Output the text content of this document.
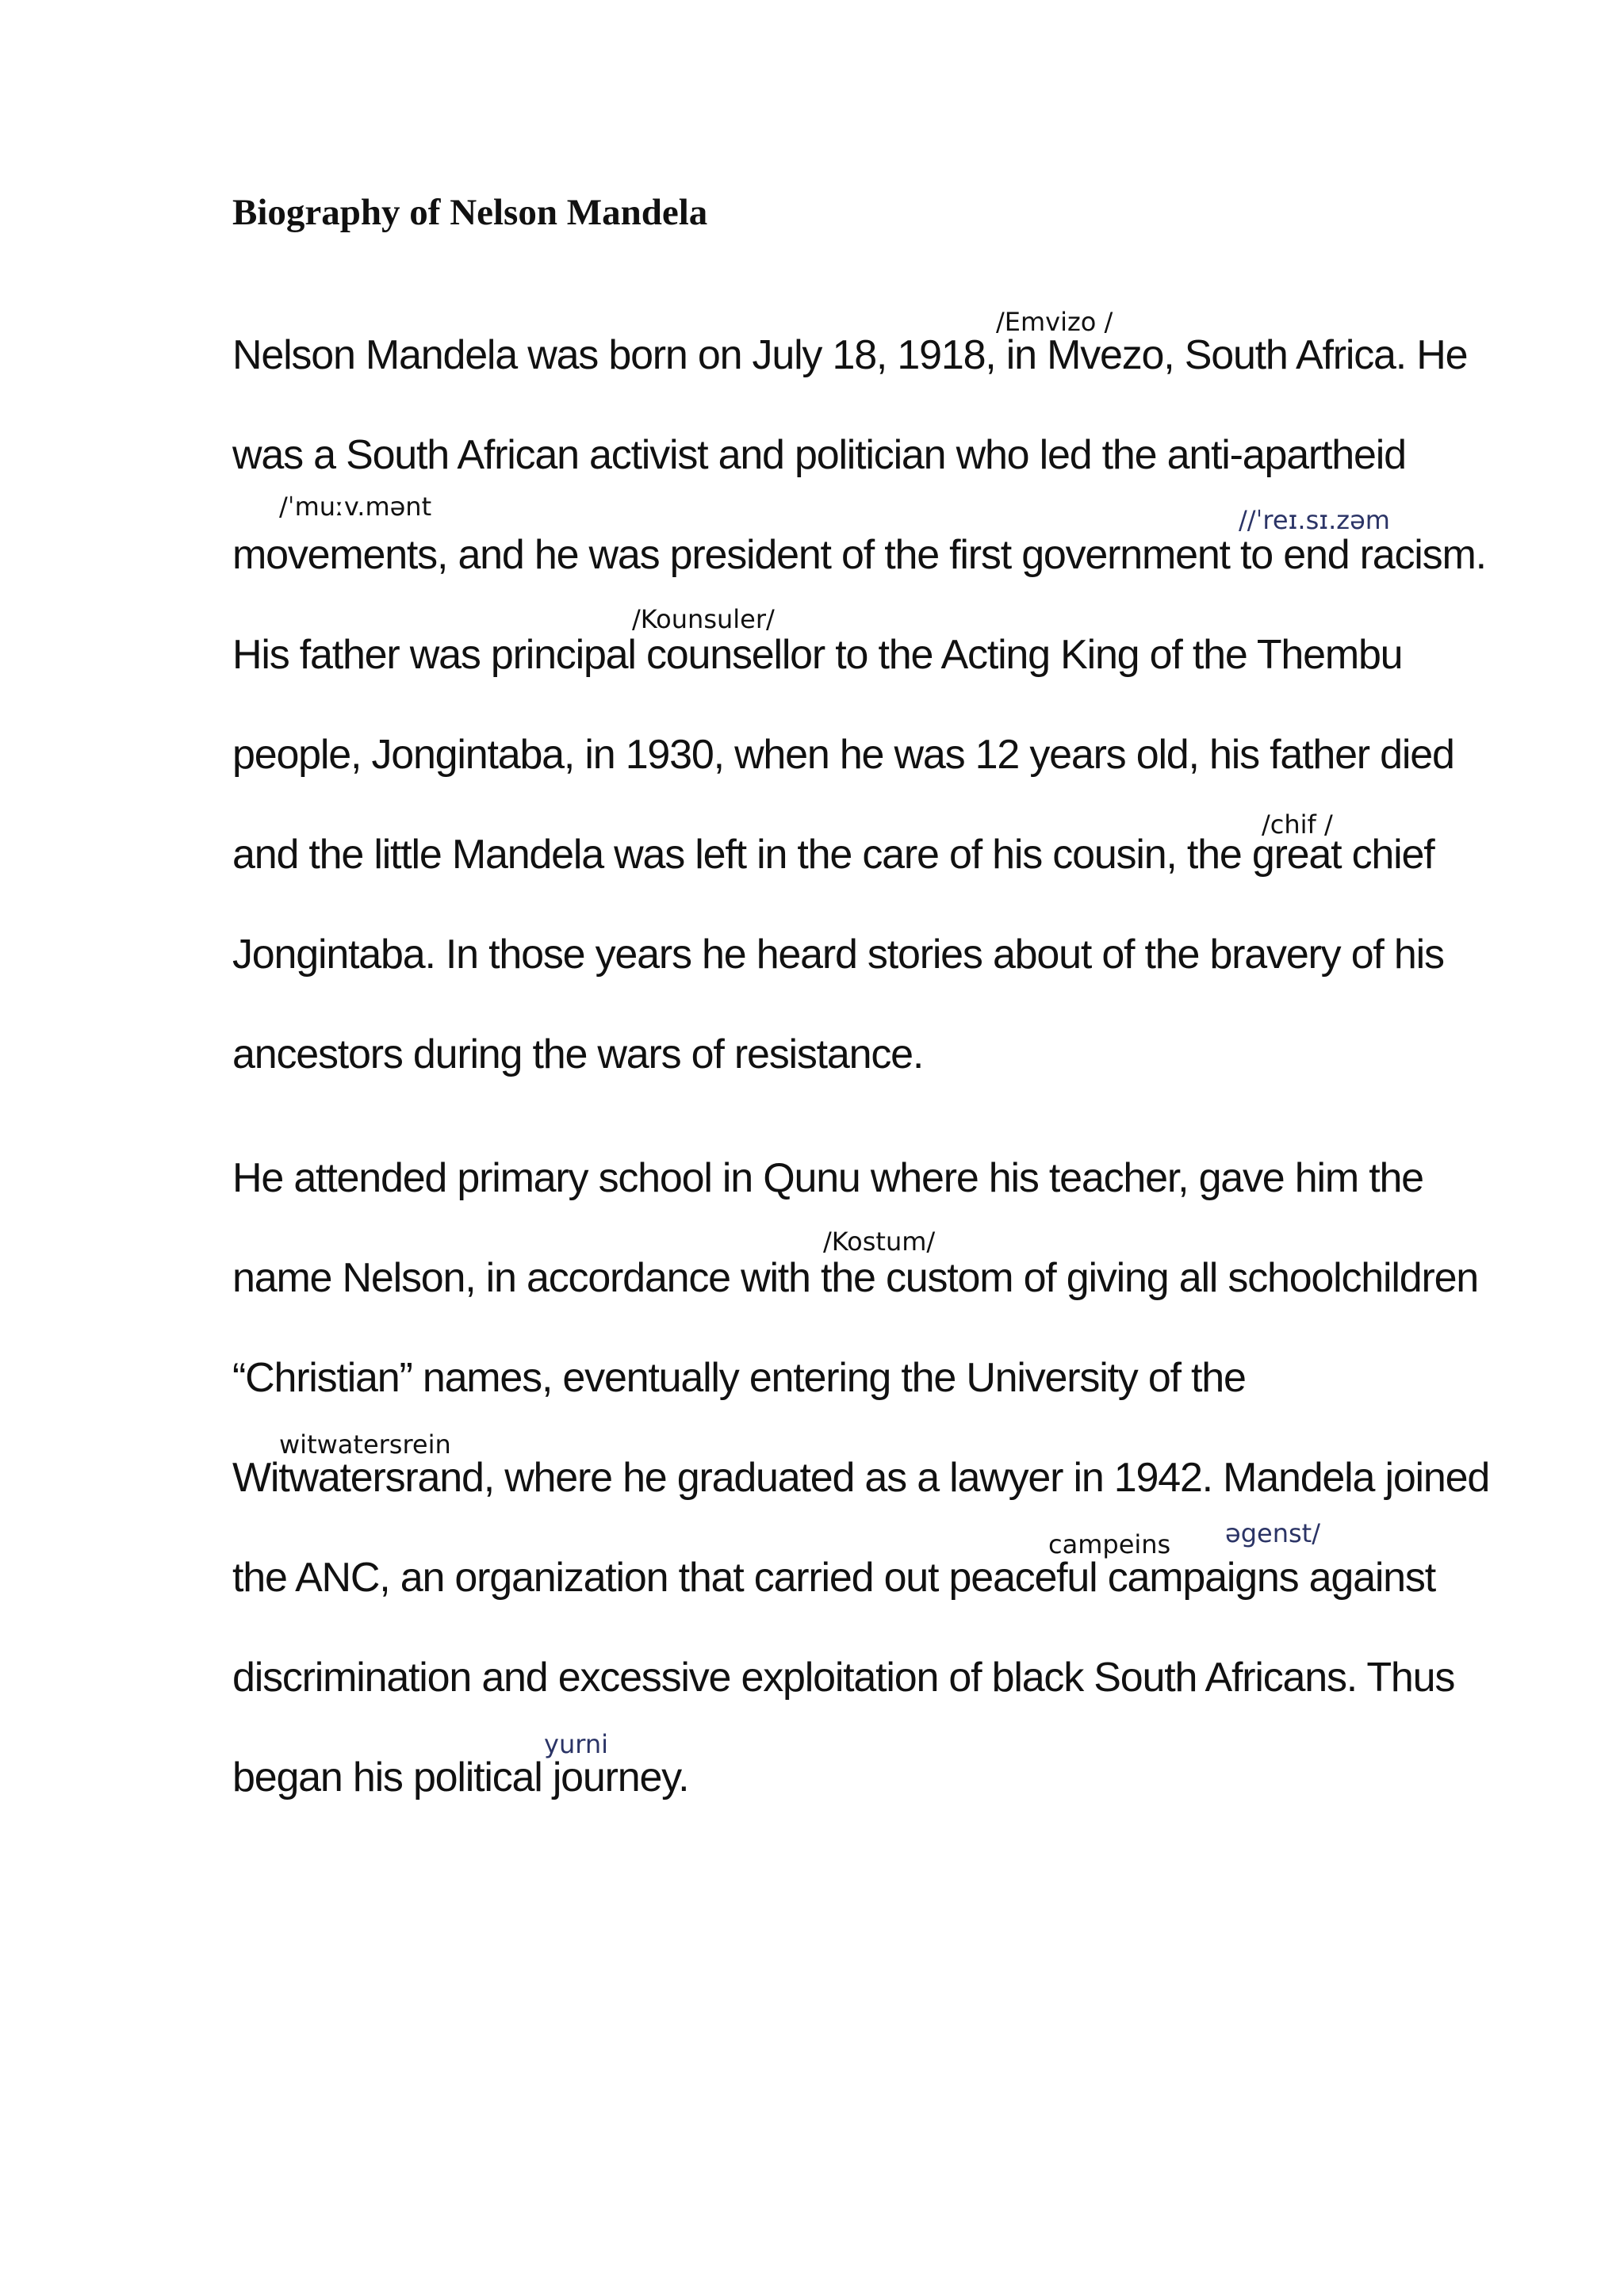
Biography of Nelson Mandela
Nelson Mandela was born on July 18, 1918, in Mvezo, South Africa. He
was a South African activist and politician who led the anti-apartheid
movements, and he was president of the first government to end racism.
His father was principal counsellor to the Acting King of the Thembu
people, Jongintaba, in 1930, when he was 12 years old, his father died
and the little Mandela was left in the care of his cousin, the great chief
Jongintaba. In those years he heard stories about of the bravery of his
ancestors during the wars of resistance.
He attended primary school in Qunu where his teacher, gave him the
name Nelson, in accordance with the custom of giving all schoolchildren
“Christian” names, eventually entering the University of the
Witwatersrand, where he graduated as a lawyer in 1942. Mandela joined
the ANC, an organization that carried out peaceful campaigns against
discrimination and excessive exploitation of black South Africans. Thus
began his political journey.
/Emvizo /
/ˈmuːv.mənt	//ˈreɪ.sɪ.zəm
/Kounsuler/
/chif /
/Kostum/
witwatersrein
campeins əgenst/
yurni
